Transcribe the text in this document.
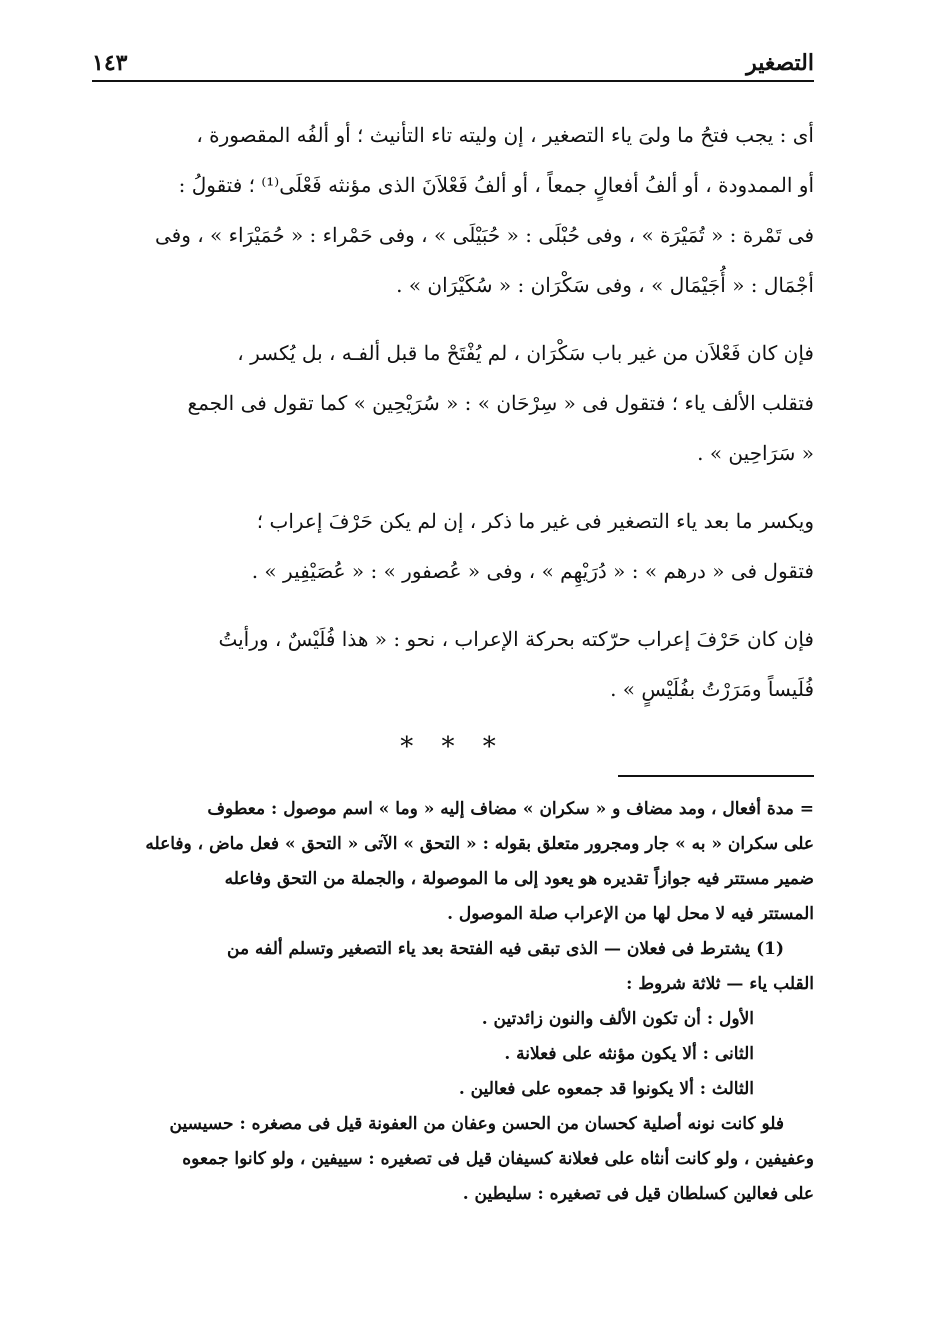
التصغير
١٤٣

أى : يجب فتحُ ما ولىَ ياء التصغير ، إن وليته تاء التأنيث ؛ أو ألفُه المقصورة ،
أو الممدودة ، أو ألفُ أفعالٍ جمعاً ، أو ألفُ فَعْلاَنَ الذى مؤنثه فَعْلَى⁽¹⁾ ؛ فتقولُ :
فى تَمْرة : « تُمَيْرَة » ، وفى حُبْلَى : « حُبَيْلَى » ، وفى حَمْراء : « حُمَيْرَاء » ، وفى
أجْمَال : « أُجَيْمَال » ، وفى سَكْرَان : « سُكَيْرَان » .

فإن كان فَعْلاَن من غير باب سَكْرَان ، لم يُفْتَحْ ما قبل ألفـه ، بل يُكسر ،
فتقلب الألف ياء ؛ فتقول فى « سِرْحَان » : « سُرَيْحِين » كما تقول فى الجمع
« سَرَاحِين » .

ويكسر ما بعد ياء التصغير فى غير ما ذكر ، إن لم يكن حَرْفَ إعراب ؛
فتقول فى « درهم » : « دُرَيْهِم » ، وفى « عُصفور » : « عُصَيْفِير » .

فإن كان حَرْفَ إعراب حرّكته بحركة الإعراب ، نحو : « هذا فُلَيْسٌ ، ورأيتُ
فُلَيساً ومَرَرْتُ بفُلَيْسٍ » .

* * *
= مدة أفعال ، ومد مضاف و « سكران » مضاف إليه « وما » اسم موصول : معطوف
على سكران « به » جار ومجرور متعلق بقوله : « التحق » الآتى « التحق » فعل ماض ، وفاعله
ضمير مستتر فيه جوازاً تقديره هو يعود إلى ما الموصولة ، والجملة من التحق وفاعله
المستتر فيه لا محل لها من الإعراب صلة الموصول .
(1) يشترط فى فعلان — الذى تبقى فيه الفتحة بعد ياء التصغير وتسلم ألفه من
القلب ياء — ثلاثة شروط :
الأول : أن تكون الألف والنون زائدتين .
الثانى : ألا يكون مؤنثه على فعلانة .
الثالث : ألا يكونوا قد جمعوه على فعالين .
فلو كانت نونه أصلية كحسان من الحسن وعفان من العفونة قيل فى مصغره : حسيسين
وعفيفين ، ولو كانت أنثاه على فعلانة كسيفان قيل فى تصغيره : سييفين ، ولو كانوا جمعوه
على فعالين كسلطان قيل فى تصغيره : سليطين .
